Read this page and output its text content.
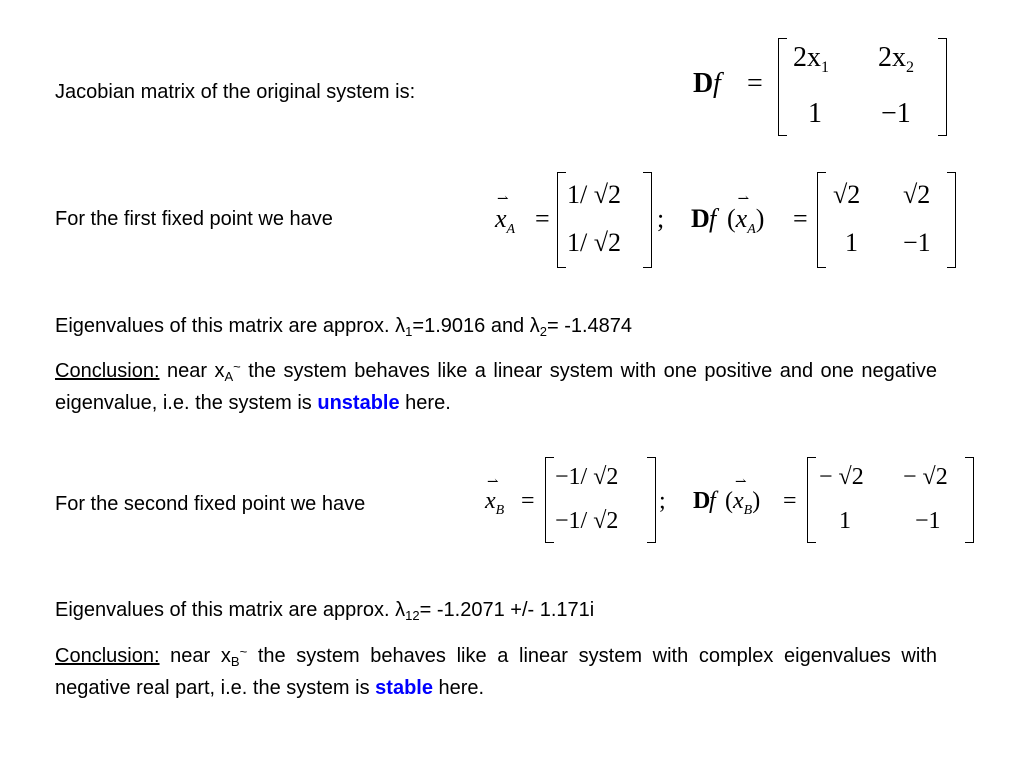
Jacobian matrix of the original system is:	D f =
$2x_1$ $2x_2$
1 −1
For the first fixed point we have
⇀
$x_A$ =
1/ √2
1/ √2
; D f (
⇀
$x_A$) =
√2 √2
1 −1
Eigenvalues of this matrix are approx. $\lambda_1=1.9016$ and $\lambda_2= -1.4874$
Conclusion: near $x_A^\sim$ the system behaves like a linear system with one positive and one negative eigenvalue, i.e. the system is unstable here.
For the second fixed point we have
⇀
$x_B$ =
−1/ √2
−1/ √2
; D
f (
⇀
$x_B$) =
− √2 − √2
1	−1
Eigenvalues of this matrix are approx. $\lambda_{12}= -1.2071$ +/- 1.171i
Conclusion: near $x_B^\sim$ the system behaves like a linear system with complex eigenvalues with negative real part, i.e. the system is stable here.
